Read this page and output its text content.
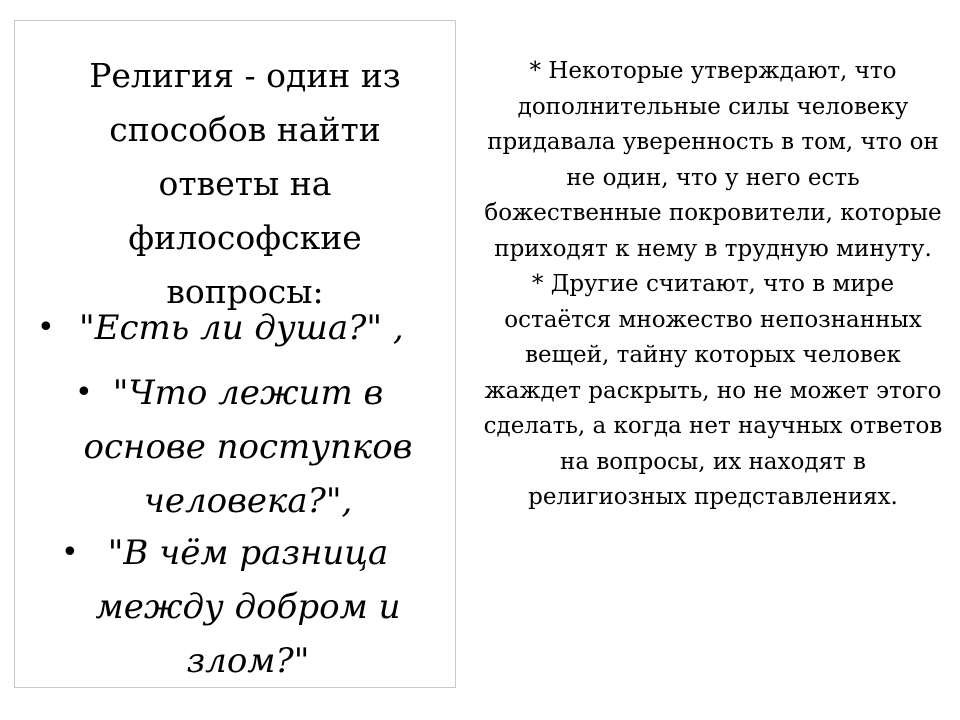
Религия - один из способов найти ответы на философские вопросы:

• "Есть ли душа?" ,
• "Что лежит в основе поступков человека?",
• "В чём разница между добром и злом?"

* Некоторые утверждают, что дополнительные силы человеку придавала уверенность в том, что он не один, что у него есть божественные покровители, которые приходят к нему в трудную минуту.

* Другие считают, что в мире остаётся множество непознанных вещей, тайну которых человек жаждет раскрыть, но не может этого сделать, а когда нет научных ответов на вопросы, их находят в религиозных представлениях.
